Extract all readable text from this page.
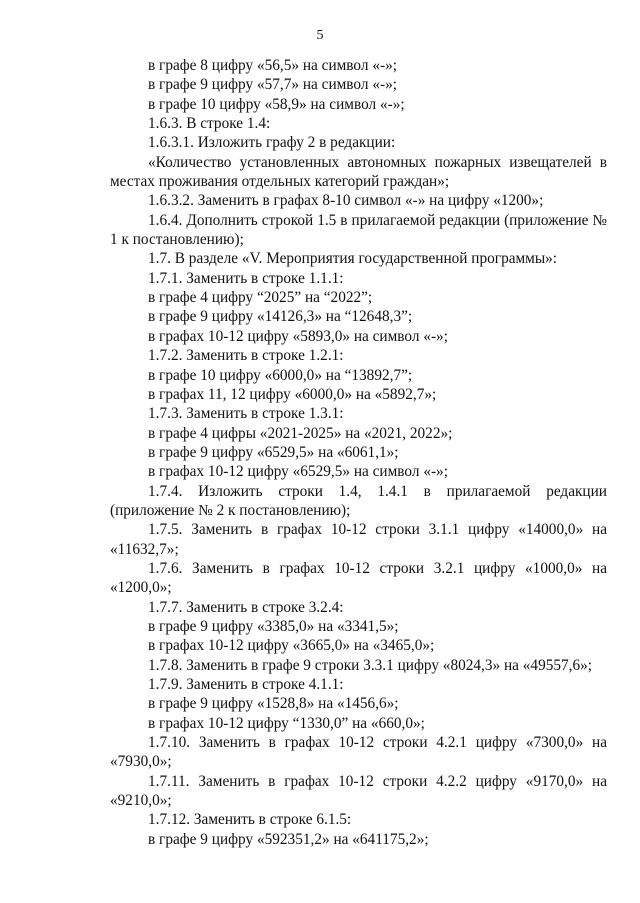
5

в графе 8 цифру «56,5» на символ «-»;

в графе 9 цифру «57,7» на символ «-»;

в графе 10 цифру «58,9» на символ «-»;

1.6.3. В строке 1.4:

1.6.3.1. Изложить графу 2 в редакции:

«Количество установленных автономных пожарных извещателей в местах проживания отдельных категорий граждан»;

1.6.3.2. Заменить в графах 8-10 символ «-» на цифру «1200»;

1.6.4. Дополнить строкой 1.5 в прилагаемой редакции (приложение № 1 к постановлению);

1.7. В разделе «V. Мероприятия государственной программы»:

1.7.1. Заменить в строке 1.1.1:

в графе 4 цифру “2025” на “2022”;

в графе 9 цифру «14126,3» на “12648,3”;

в графах 10-12 цифру «5893,0» на символ «-»;

1.7.2. Заменить в строке 1.2.1:

в графе 10 цифру «6000,0» на “13892,7”;

в графах 11, 12 цифру «6000,0» на «5892,7»;

1.7.3. Заменить в строке 1.3.1:

в графе 4 цифры «2021-2025» на «2021, 2022»;

в графе 9 цифру «6529,5» на «6061,1»;

в графах 10-12 цифру «6529,5» на символ «-»;

1.7.4. Изложить строки 1.4, 1.4.1 в прилагаемой редакции (приложение № 2 к постановлению);

1.7.5. Заменить в графах 10-12 строки 3.1.1 цифру «14000,0» на «11632,7»;

1.7.6. Заменить в графах 10-12 строки 3.2.1 цифру «1000,0» на «1200,0»;

1.7.7. Заменить в строке 3.2.4:

в графе 9 цифру «3385,0» на «3341,5»;

в графах 10-12 цифру «3665,0» на «3465,0»;

1.7.8. Заменить в графе 9 строки 3.3.1 цифру «8024,3» на «49557,6»;

1.7.9. Заменить в строке 4.1.1:

в графе 9 цифру «1528,8» на «1456,6»;

в графах 10-12 цифру “1330,0” на «660,0»;

1.7.10. Заменить в графах 10-12 строки 4.2.1 цифру «7300,0» на «7930,0»;

1.7.11. Заменить в графах 10-12 строки 4.2.2 цифру «9170,0» на «9210,0»;

1.7.12. Заменить в строке 6.1.5:

в графе 9 цифру «592351,2» на «641175,2»;
